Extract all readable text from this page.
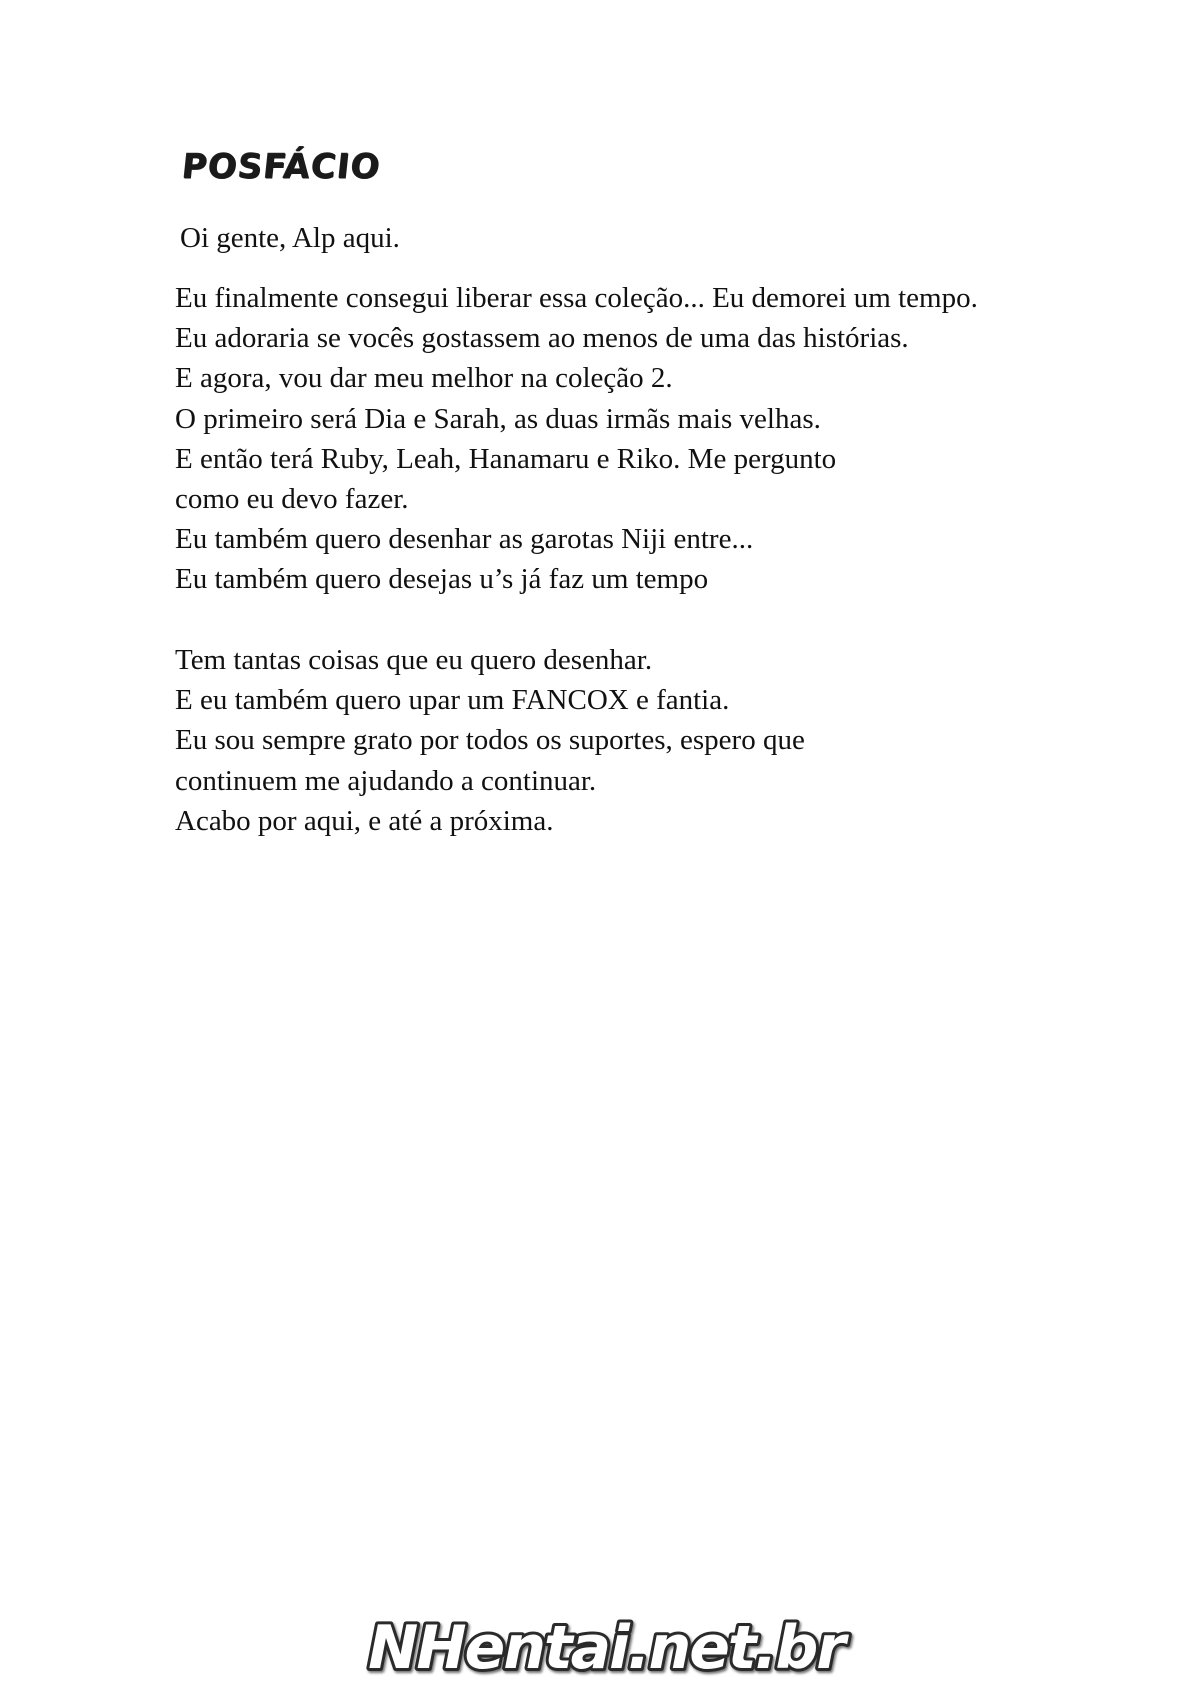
POSFÁCIO

Oi gente, Alp aqui.

Eu finalmente consegui liberar essa coleção... Eu demorei um tempo.
Eu adoraria se vocês gostassem ao menos de uma das histórias.
E agora, vou dar meu melhor na coleção 2.
O primeiro será Dia e Sarah, as duas irmãs mais velhas.
E então terá Ruby, Leah, Hanamaru e Riko. Me pergunto
como eu devo fazer.
Eu também quero desenhar as garotas Niji entre...
Eu também quero desejas u’s já faz um tempo
Tem tantas coisas que eu quero desenhar.
E eu também quero upar um FANCOX e fantia.
Eu sou sempre grato por todos os suportes, espero que
continuem me ajudando a continuar.
Acabo por aqui, e até a próxima.
NHentai.net.br
